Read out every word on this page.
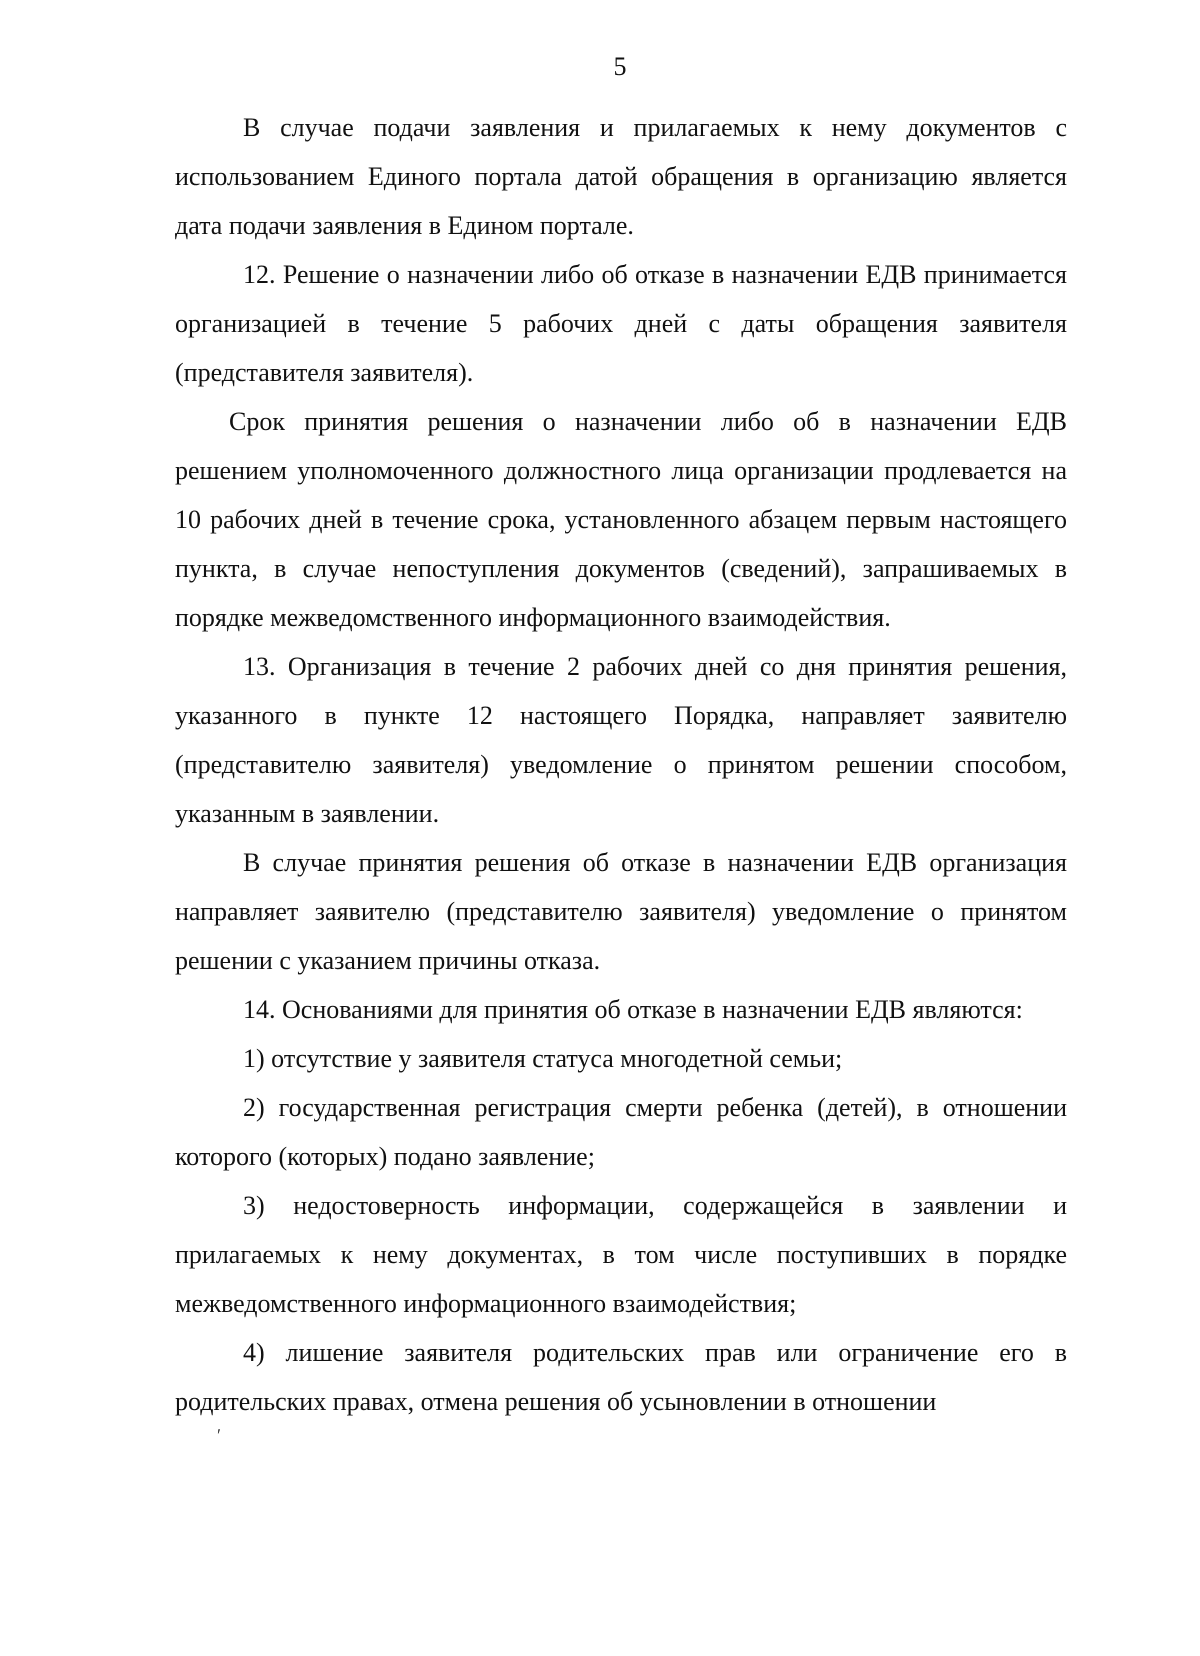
5

В случае подачи заявления и прилагаемых к нему документов с использованием Единого портала датой обращения в организацию является дата подачи заявления в Едином портале.

12. Решение о назначении либо об отказе в назначении ЕДВ принимается организацией в течение 5 рабочих дней с даты обращения заявителя (представителя заявителя).

Срок принятия решения о назначении либо об в назначении ЕДВ решением уполномоченного должностного лица организации продлевается на 10 рабочих дней в течение срока, установленного абзацем первым настоящего пункта, в случае непоступления документов (сведений), запрашиваемых в порядке межведомственного информационного взаимодействия.

13. Организация в течение 2 рабочих дней со дня принятия решения, указанного в пункте 12 настоящего Порядка, направляет заявителю (представителю заявителя) уведомление о принятом решении способом, указанным в заявлении.

В случае принятия решения об отказе в назначении ЕДВ организация направляет заявителю (представителю заявителя) уведомление о принятом решении с указанием причины отказа.

14. Основаниями для принятия об отказе в назначении ЕДВ являются:

1) отсутствие у заявителя статуса многодетной семьи;

2) государственная регистрация смерти ребенка (детей), в отношении которого (которых) подано заявление;

3) недостоверность информации, содержащейся в заявлении и прилагаемых к нему документах, в том числе поступивших в порядке межведомственного информационного взаимодействия;

4) лишение заявителя родительских прав или ограничение его в родительских правах, отмена решения об усыновлении в отношении

ʹ
